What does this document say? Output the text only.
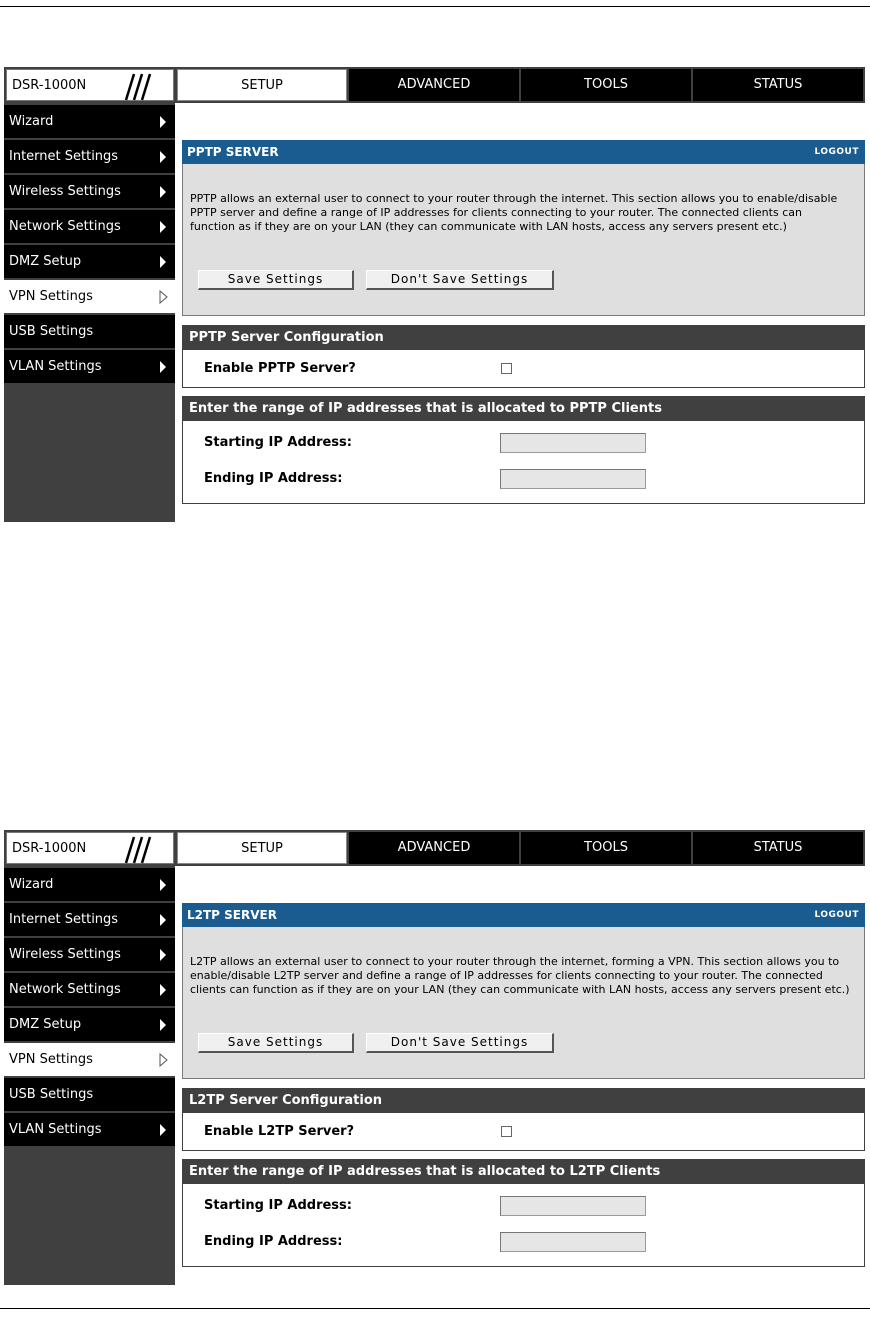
DSR-1000N	SETUP	ADVANCED	TOOLS	STATUS
Wizard
Internet Settings
Wireless Settings
Network Settings
DMZ Setup
VPN Settings
USB Settings
VLAN Settings
PPTP SERVER	LOGOUT
PPTP allows an external user to connect to your router through the internet. This section allows you to enable/disable PPTP server and define a range of IP addresses for clients connecting to your router. The connected clients can function as if they are on your LAN (they can communicate with LAN hosts, access any servers present etc.)
Save Settings	Don't Save Settings
PPTP Server Configuration
Enable PPTP Server?
Enter the range of IP addresses that is allocated to PPTP Clients
Starting IP Address:
Ending IP Address:
DSR-1000N	SETUP	ADVANCED	TOOLS	STATUS
Wizard
Internet Settings
Wireless Settings
Network Settings
DMZ Setup
VPN Settings
USB Settings
VLAN Settings
L2TP SERVER	LOGOUT
L2TP allows an external user to connect to your router through the internet, forming a VPN. This section allows you to enable/disable L2TP server and define a range of IP addresses for clients connecting to your router. The connected clients can function as if they are on your LAN (they can communicate with LAN hosts, access any servers present etc.)
Save Settings	Don't Save Settings
L2TP Server Configuration
Enable L2TP Server?
Enter the range of IP addresses that is allocated to L2TP Clients
Starting IP Address:
Ending IP Address:
